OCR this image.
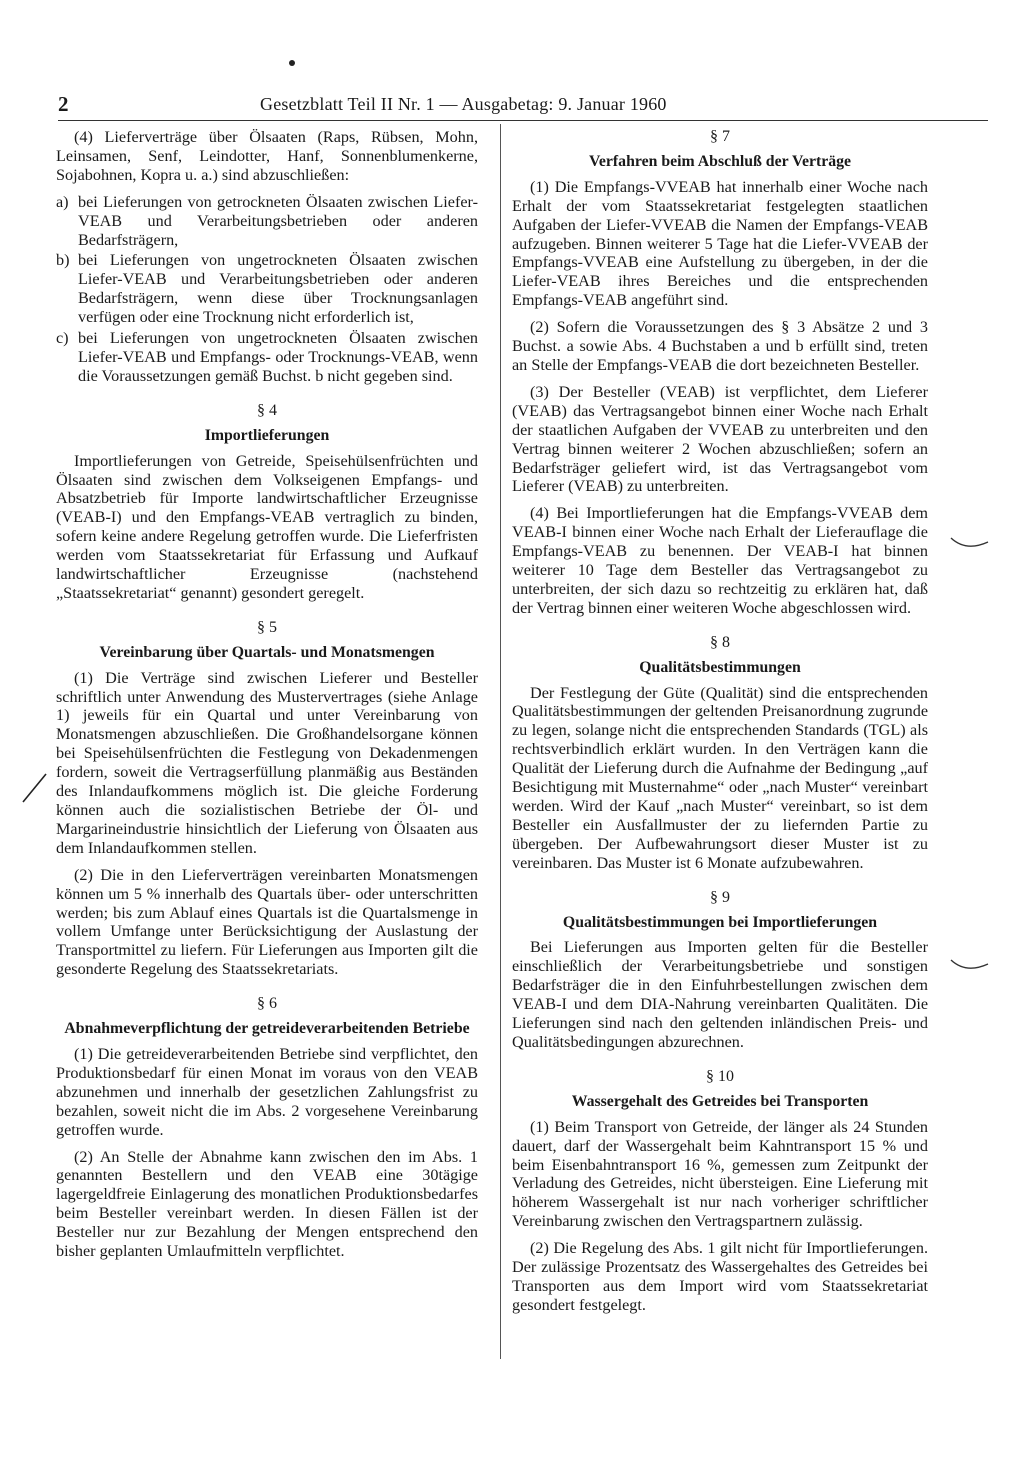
2	Gesetzblatt Teil II Nr. 1 — Ausgabetag: 9. Januar 1960

(4) Lieferverträge über Ölsaaten (Raps, Rübsen, Mohn, Leinsamen, Senf, Leindotter, Hanf, Sonnenblumenkerne, Sojabohnen, Kopra u. a.) sind abzuschließen:

a) bei Lieferungen von getrockneten Ölsaaten zwischen Liefer-VEAB und Verarbeitungsbetrieben oder anderen Bedarfsträgern,
b) bei Lieferungen von ungetrockneten Ölsaaten zwischen Liefer-VEAB und Verarbeitungsbetrieben oder anderen Bedarfsträgern, wenn diese über Trocknungsanlagen verfügen oder eine Trocknung nicht erforderlich ist,
c) bei Lieferungen von ungetrockneten Ölsaaten zwischen Liefer-VEAB und Empfangs- oder Trocknungs-VEAB, wenn die Voraussetzungen gemäß Buchst. b nicht gegeben sind.
§ 4
Importlieferungen

Importlieferungen von Getreide, Speisehülsenfrüchten und Ölsaaten sind zwischen dem Volkseigenen Empfangs- und Absatzbetrieb für Importe landwirtschaftlicher Erzeugnisse (VEAB-I) und den Empfangs-VEAB vertraglich zu binden, sofern keine andere Regelung getroffen wurde. Die Lieferfristen werden vom Staatssekretariat für Erfassung und Aufkauf landwirtschaftlicher Erzeugnisse (nachstehend „Staatssekretariat“ genannt) gesondert geregelt.

§ 5
Vereinbarung über Quartals- und Monatsmengen

(1) Die Verträge sind zwischen Lieferer und Besteller schriftlich unter Anwendung des Mustervertrages (siehe Anlage 1) jeweils für ein Quartal und unter Vereinbarung von Monatsmengen abzuschließen. Die Großhandelsorgane können bei Speisehülsenfrüchten die Festlegung von Dekadenmengen fordern, soweit die Vertragserfüllung planmäßig aus Beständen des Inlandaufkommens möglich ist. Die gleiche Forderung können auch die sozialistischen Betriebe der Öl- und Margarineindustrie hinsichtlich der Lieferung von Ölsaaten aus dem Inlandaufkommen stellen.

(2) Die in den Lieferverträgen vereinbarten Monatsmengen können um 5 % innerhalb des Quartals über- oder unterschritten werden; bis zum Ablauf eines Quartals ist die Quartalsmenge in vollem Umfange unter Berücksichtigung der Auslastung der Transportmittel zu liefern. Für Lieferungen aus Importen gilt die gesonderte Regelung des Staatssekretariats.

§ 6
Abnahmeverpflichtung der getreideverarbeitenden Betriebe

(1) Die getreideverarbeitenden Betriebe sind verpflichtet, den Produktionsbedarf für einen Monat im voraus von den VEAB abzunehmen und innerhalb der gesetzlichen Zahlungsfrist zu bezahlen, soweit nicht die im Abs. 2 vorgesehene Vereinbarung getroffen wurde.

(2) An Stelle der Abnahme kann zwischen den im Abs. 1 genannten Bestellern und den VEAB eine 30tägige lagergeldfreie Einlagerung des monatlichen Produktionsbedarfes beim Besteller vereinbart werden. In diesen Fällen ist der Besteller nur zur Bezahlung der Mengen entsprechend den bisher geplanten Umlaufmitteln verpflichtet.

§ 7
Verfahren beim Abschluß der Verträge

(1) Die Empfangs-VVEAB hat innerhalb einer Woche nach Erhalt der vom Staatssekretariat festgelegten staatlichen Aufgaben der Liefer-VVEAB die Namen der Empfangs-VEAB aufzugeben. Binnen weiterer 5 Tage hat die Liefer-VVEAB der Empfangs-VVEAB eine Aufstellung zu übergeben, in der die Liefer-VEAB ihres Bereiches und die entsprechenden Empfangs-VEAB angeführt sind.

(2) Sofern die Voraussetzungen des § 3 Absätze 2 und 3 Buchst. a sowie Abs. 4 Buchstaben a und b erfüllt sind, treten an Stelle der Empfangs-VEAB die dort bezeichneten Besteller.

(3) Der Besteller (VEAB) ist verpflichtet, dem Lieferer (VEAB) das Vertragsangebot binnen einer Woche nach Erhalt der staatlichen Aufgaben der VVEAB zu unterbreiten und den Vertrag binnen weiterer 2 Wochen abzuschließen; sofern an Bedarfsträger geliefert wird, ist das Vertragsangebot vom Lieferer (VEAB) zu unterbreiten.

(4) Bei Importlieferungen hat die Empfangs-VVEAB dem VEAB-I binnen einer Woche nach Erhalt der Lieferauflage die Empfangs-VEAB zu benennen. Der VEAB-I hat binnen weiterer 10 Tage dem Besteller das Vertragsangebot zu unterbreiten, der sich dazu so rechtzeitig zu erklären hat, daß der Vertrag binnen einer weiteren Woche abgeschlossen wird.

§ 8
Qualitätsbestimmungen

Der Festlegung der Güte (Qualität) sind die entsprechenden Qualitätsbestimmungen der geltenden Preisanordnung zugrunde zu legen, solange nicht die entsprechenden Standards (TGL) als rechtsverbindlich erklärt wurden. In den Verträgen kann die Qualität der Lieferung durch die Aufnahme der Bedingung „auf Besichtigung mit Musternahme“ oder „nach Muster“ vereinbart werden. Wird der Kauf „nach Muster“ vereinbart, so ist dem Besteller ein Ausfallmuster der zu liefernden Partie zu übergeben. Der Aufbewahrungsort dieser Muster ist zu vereinbaren. Das Muster ist 6 Monate aufzubewahren.

§ 9
Qualitätsbestimmungen bei Importlieferungen

Bei Lieferungen aus Importen gelten für die Besteller einschließlich der Verarbeitungsbetriebe und sonstigen Bedarfsträger die in den Einfuhrbestellungen zwischen dem VEAB-I und dem DIA-Nahrung vereinbarten Qualitäten. Die Lieferungen sind nach den geltenden inländischen Preis- und Qualitätsbedingungen abzurechnen.

§ 10
Wassergehalt des Getreides bei Transporten

(1) Beim Transport von Getreide, der länger als 24 Stunden dauert, darf der Wassergehalt beim Kahntransport 15 % und beim Eisenbahntransport 16 %, gemessen zum Zeitpunkt der Verladung des Getreides, nicht übersteigen. Eine Lieferung mit höherem Wassergehalt ist nur nach vorheriger schriftlicher Vereinbarung zwischen den Vertragspartnern zulässig.

(2) Die Regelung des Abs. 1 gilt nicht für Importlieferungen. Der zulässige Prozentsatz des Wassergehaltes des Getreides bei Transporten aus dem Import wird vom Staatssekretariat gesondert festgelegt.
